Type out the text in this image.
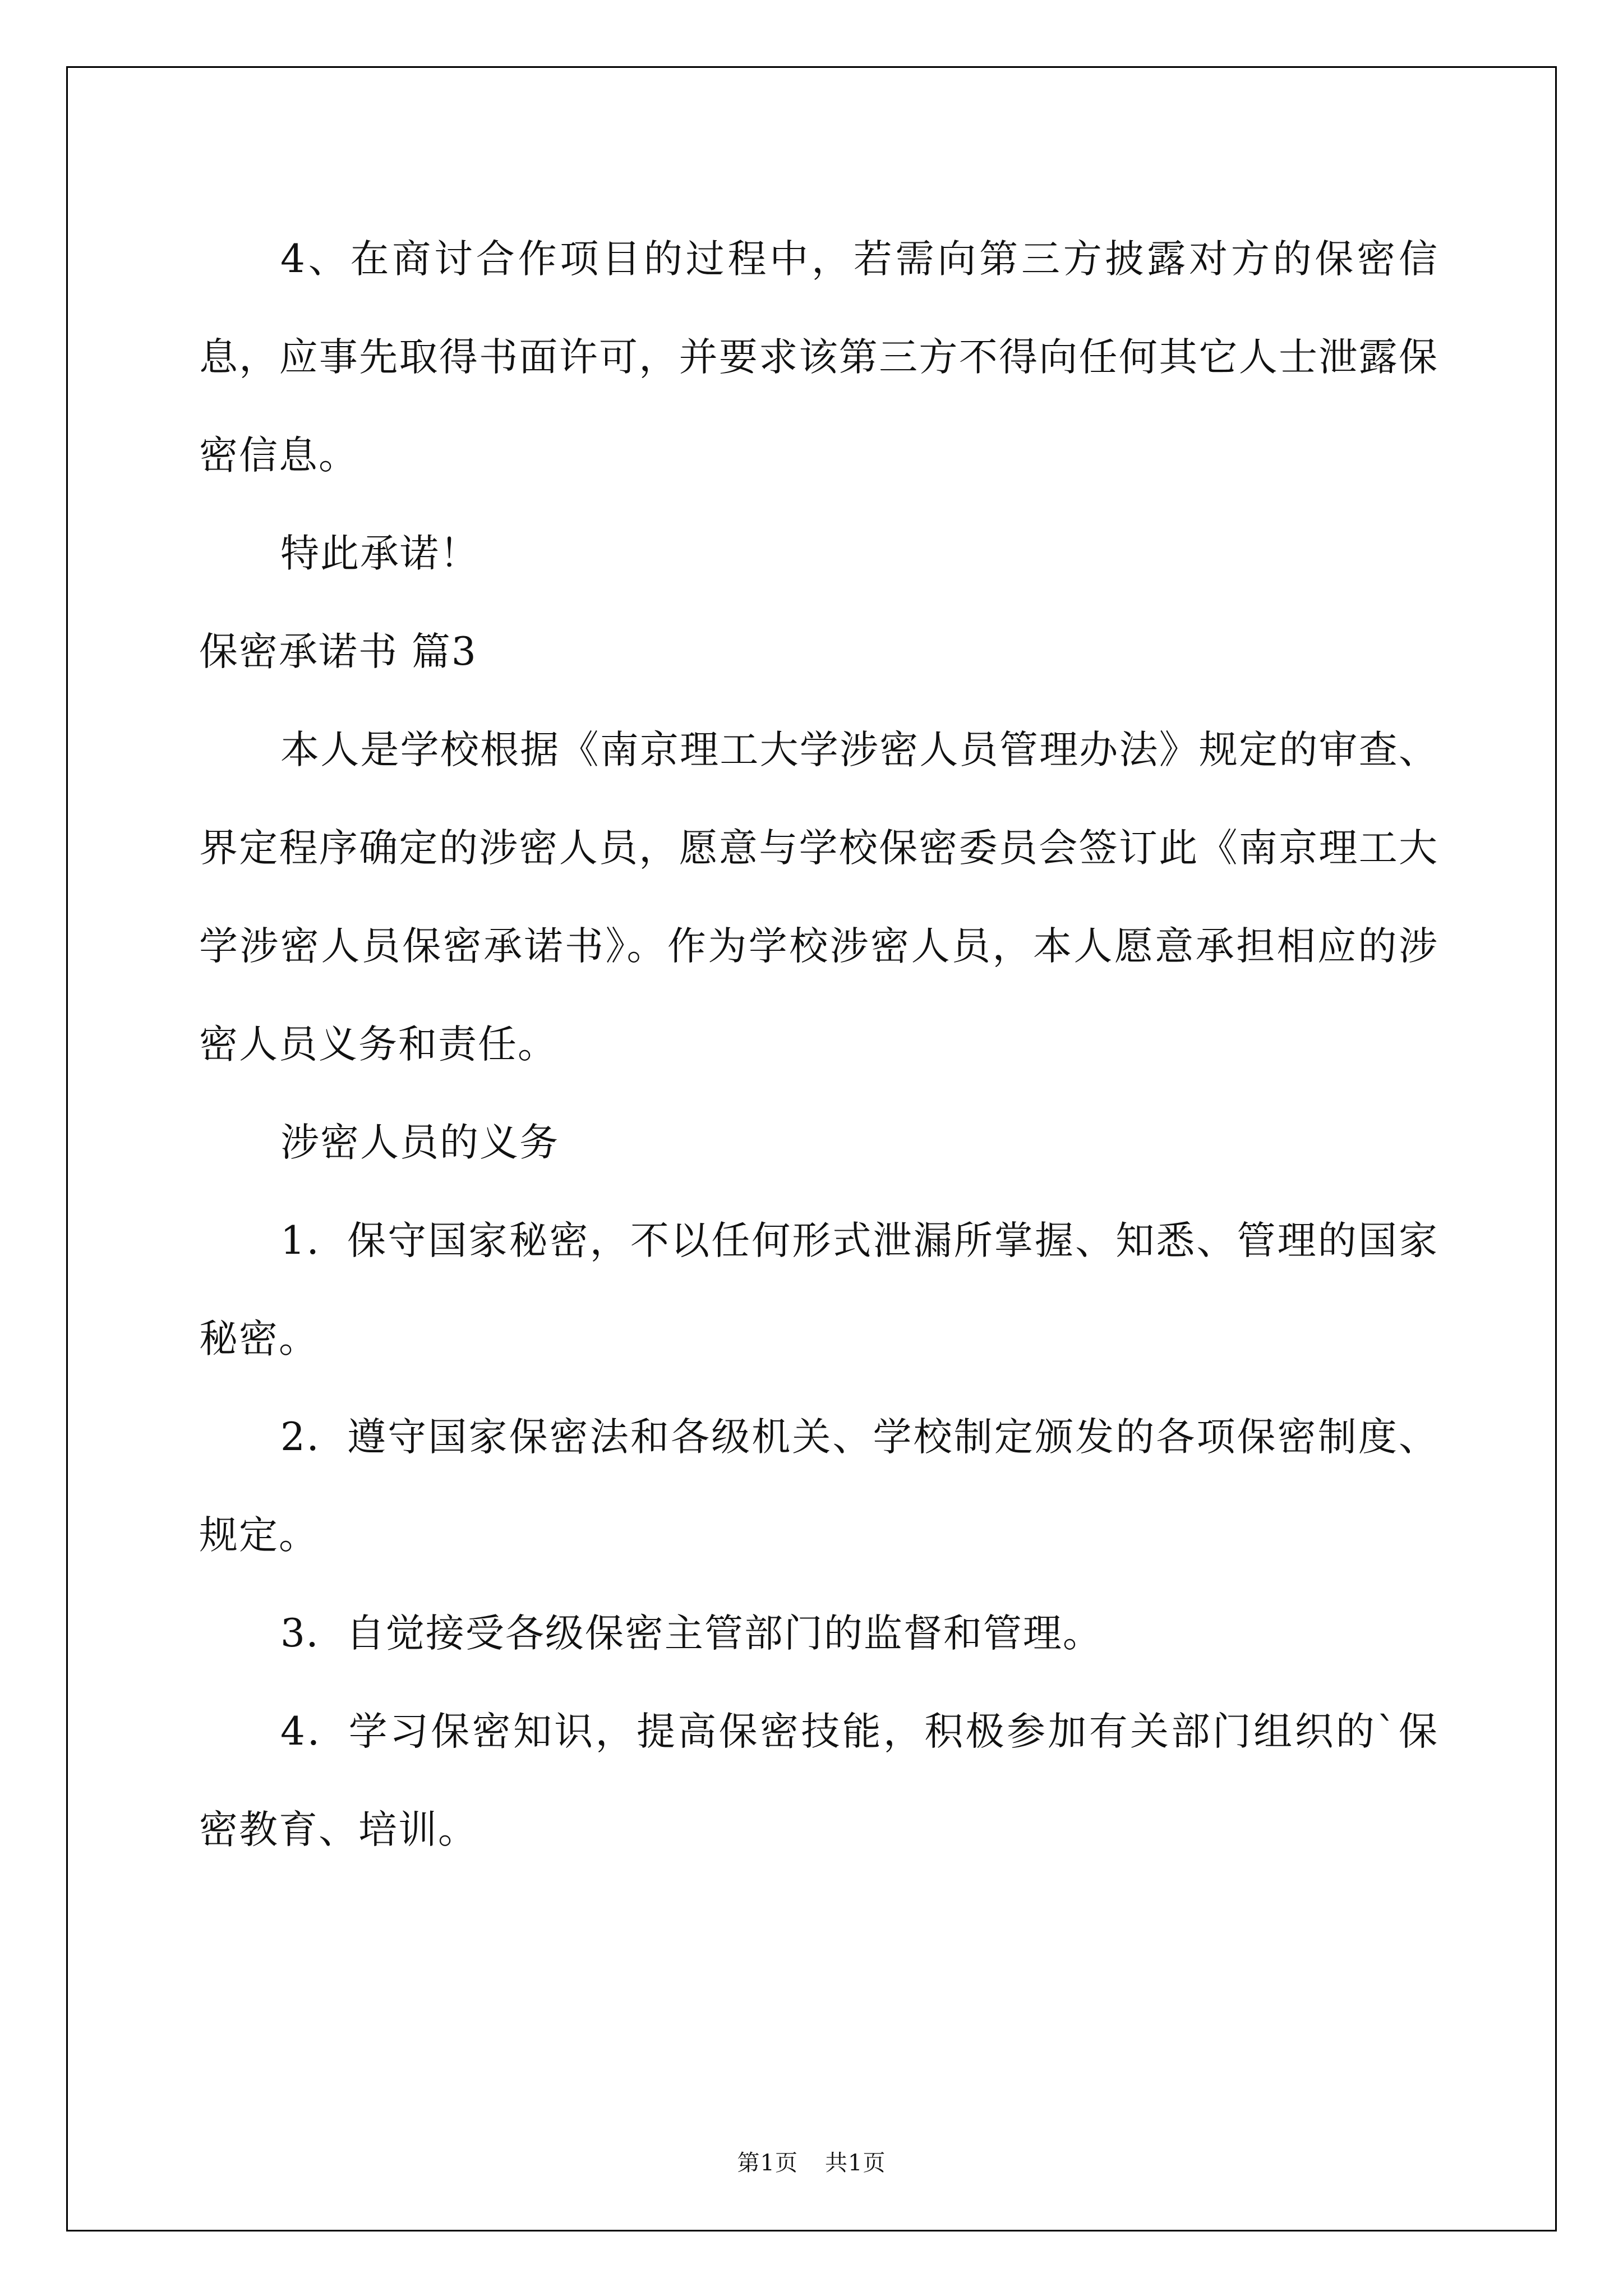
4、在商讨合作项目的过程中，若需向第三方披露对方的保密信息，应事先取得书面许可，并要求该第三方不得向任何其它人士泄露保密信息。

特此承诺！

保密承诺书 篇3

本人是学校根据《南京理工大学涉密人员管理办法》规定的审查、界定程序确定的涉密人员，愿意与学校保密委员会签订此《南京理工大学涉密人员保密承诺书》。作为学校涉密人员，本人愿意承担相应的涉密人员义务和责任。

涉密人员的义务

1．保守国家秘密，不以任何形式泄漏所掌握、知悉、管理的国家秘密。

2．遵守国家保密法和各级机关、学校制定颁发的各项保密制度、规定。

3．自觉接受各级保密主管部门的监督和管理。

4．学习保密知识，提高保密技能，积极参加有关部门组织的`保密教育、培训。

第1页 共1页
